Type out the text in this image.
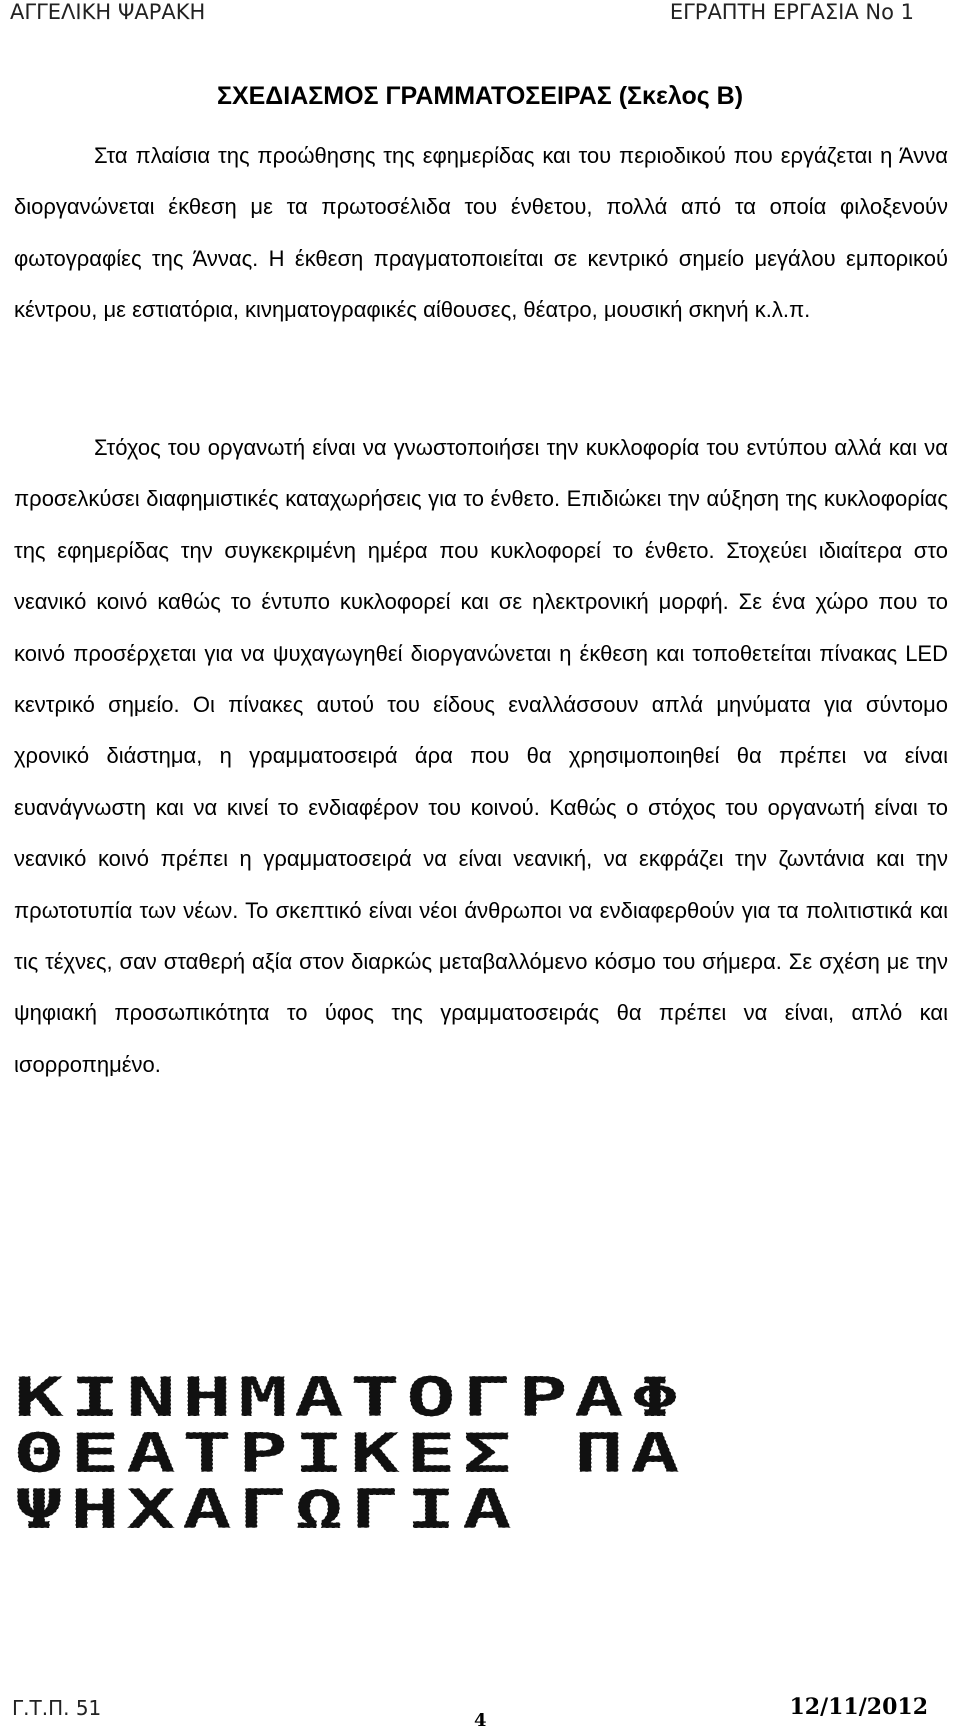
ΑΓΓΕΛΙΚΗ ΨΑΡΑΚΗ	ΕΓΡΑΠΤΗ ΕΡΓΑΣΙΑ Νο 1
ΣΧΕΔΙΑΣΜΟΣ ΓΡΑΜΜΑΤΟΣΕΙΡΑΣ (Σκελος Β)

Στα πλαίσια της προώθησης της εφημερίδας και του περιοδικού που εργάζεται η Άννα διοργανώνεται έκθεση με τα πρωτοσέλιδα του ένθετου, πολλά από τα οποία φιλοξενούν φωτογραφίες της Άννας. Η έκθεση πραγματοποιείται σε κεντρικό σημείο μεγάλου εμπορικού κέντρου, με εστιατόρια, κινηματογραφικές αίθουσες, θέατρο, μουσική σκηνή κ.λ.π.

Στόχος του οργανωτή είναι να γνωστοποιήσει την κυκλοφορία του εντύπου αλλά και να προσελκύσει διαφημιστικές καταχωρήσεις για το ένθετο. Επιδιώκει την αύξηση της κυκλοφορίας της εφημερίδας την συγκεκριμένη ημέρα που κυκλοφορεί το ένθετο. Στοχεύει ιδιαίτερα στο νεανικό κοινό καθώς το έντυπο κυκλοφορεί και σε ηλεκτρονική μορφή. Σε ένα χώρο που το κοινό προσέρχεται για να ψυχαγωγηθεί διοργανώνεται η έκθεση και τοποθετείται πίνακας LED κεντρικό σημείο. Οι πίνακες αυτού του είδους εναλλάσσουν απλά μηνύματα για σύντομο χρονικό διάστημα, η γραμματοσειρά άρα που θα χρησιμοποιηθεί θα πρέπει να είναι ευανάγνωστη και να κινεί το ενδιαφέρον του κοινού. Καθώς ο στόχος του οργανωτή είναι το νεανικό κοινό πρέπει η γραμματοσειρά να είναι νεανική, να εκφράζει την ζωντάνια και την πρωτοτυπία των νέων. Το σκεπτικό είναι νέοι άνθρωποι να ενδιαφερθούν για τα πολιτιστικά και τις τέχνες, σαν σταθερή αξία στον διαρκώς μεταβαλλόμενο κόσμο του σήμερα. Σε σχέση με την ψηφιακή προσωπικότητα το ύφος της γραμματοσειράς θα πρέπει να είναι, απλό και ισορροπημένο.

ΚΙΝΗΜΑΤΟΓΡΑΦ
ΘΕΑΤΡΙΚΕΣ ΠΑ
ΨΗΧΑΓΩΓΙΑ
Γ.Τ.Π. 51
4
12/11/2012
